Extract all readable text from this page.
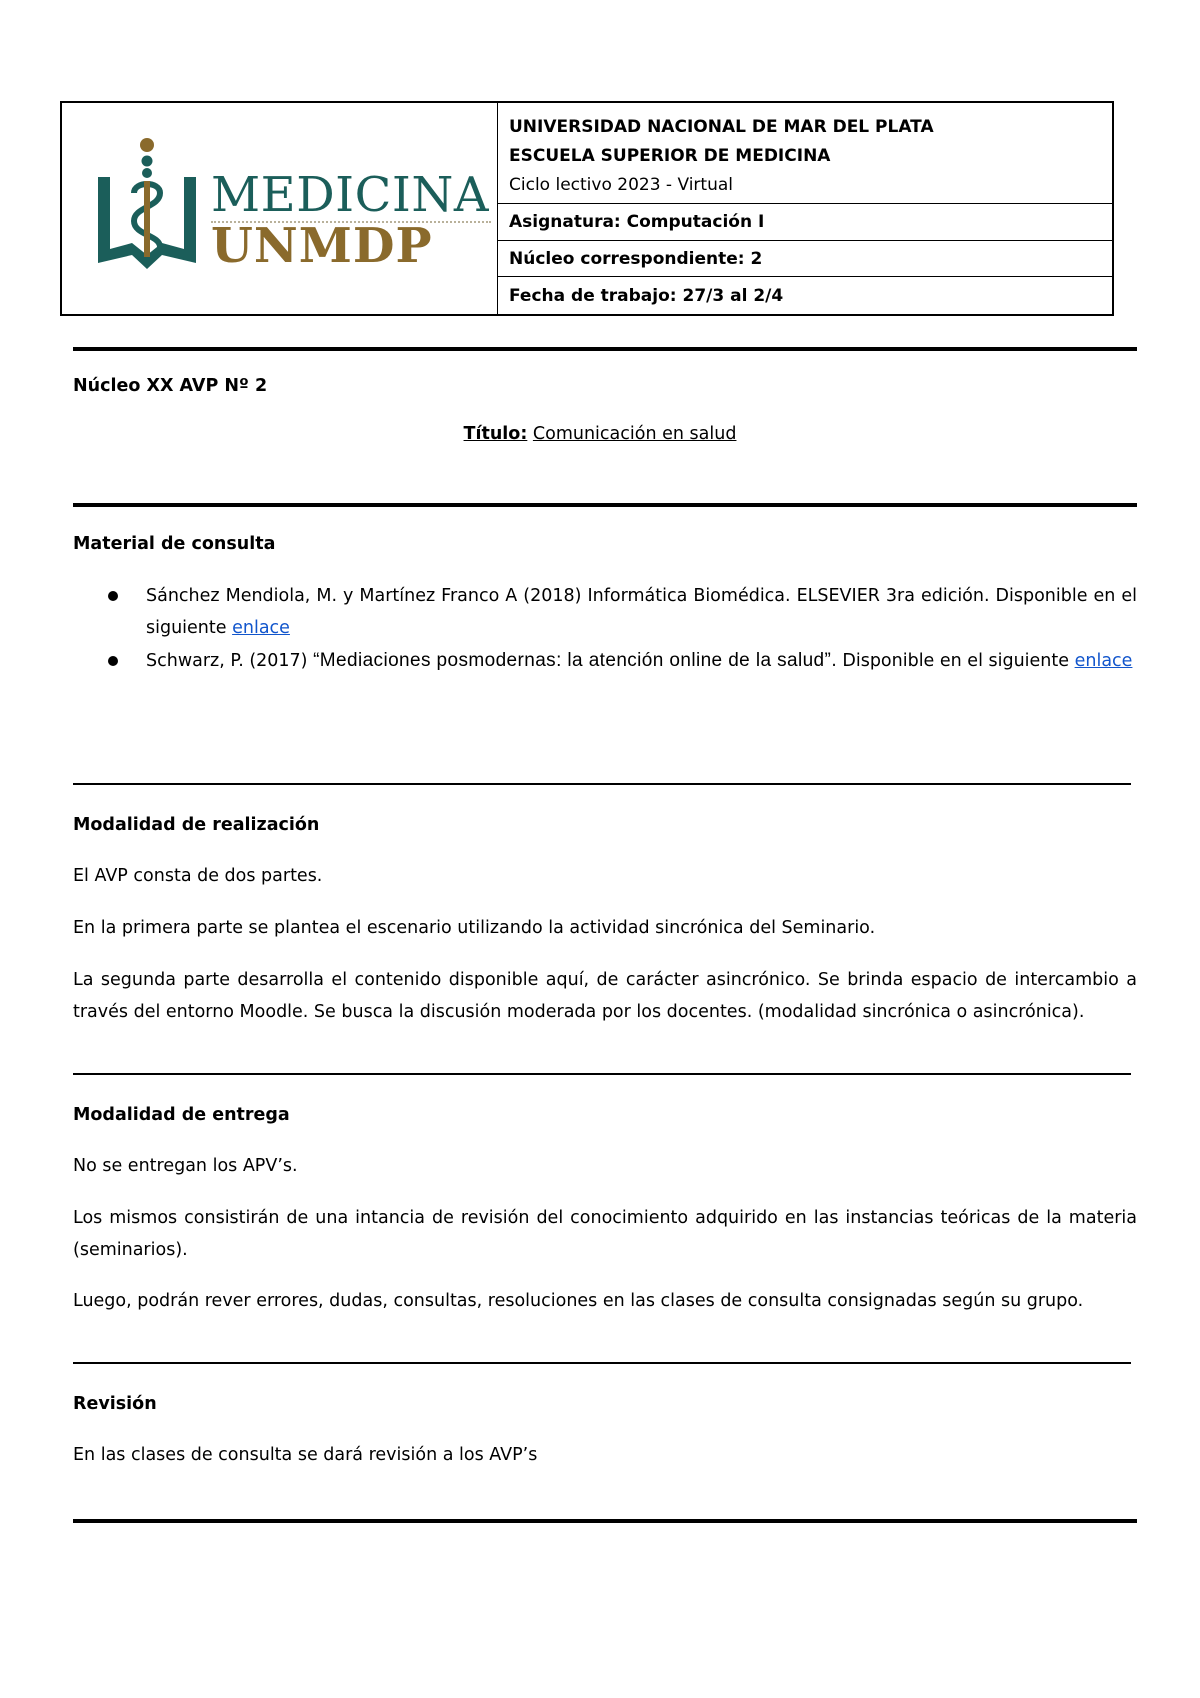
MEDICINA
UNMDP
UNIVERSIDAD NACIONAL DE MAR DEL PLATA
ESCUELA SUPERIOR DE MEDICINA
Ciclo lectivo 2023 - Virtual
Asignatura: Computación I
Núcleo correspondiente: 2
Fecha de trabajo: 27/3 al 2/4
Núcleo XX AVP Nº 2
Título: Comunicación en salud
Material de consulta
Sánchez Mendiola, M. y Martínez Franco A (2018) Informática Biomédica. ELSEVIER 3ra edición. Disponible en el siguiente enlace
Schwarz, P. (2017) “Mediaciones posmodernas: la atención online de la salud”. Disponible en el siguiente enlace
Modalidad de realización
El AVP consta de dos partes.
En la primera parte se plantea el escenario utilizando la actividad sincrónica del Seminario.
La segunda parte desarrolla el contenido disponible aquí, de carácter asincrónico. Se brinda espacio de intercambio a través del entorno Moodle. Se busca la discusión moderada por los docentes. (modalidad sincrónica o asincrónica).
Modalidad de entrega
No se entregan los APV’s.
Los mismos consistirán de una intancia de revisión del conocimiento adquirido en las instancias teóricas de la materia (seminarios).
Luego, podrán rever errores, dudas, consultas, resoluciones en las clases de consulta consignadas según su grupo.
Revisión
En las clases de consulta se dará revisión a los AVP’s
